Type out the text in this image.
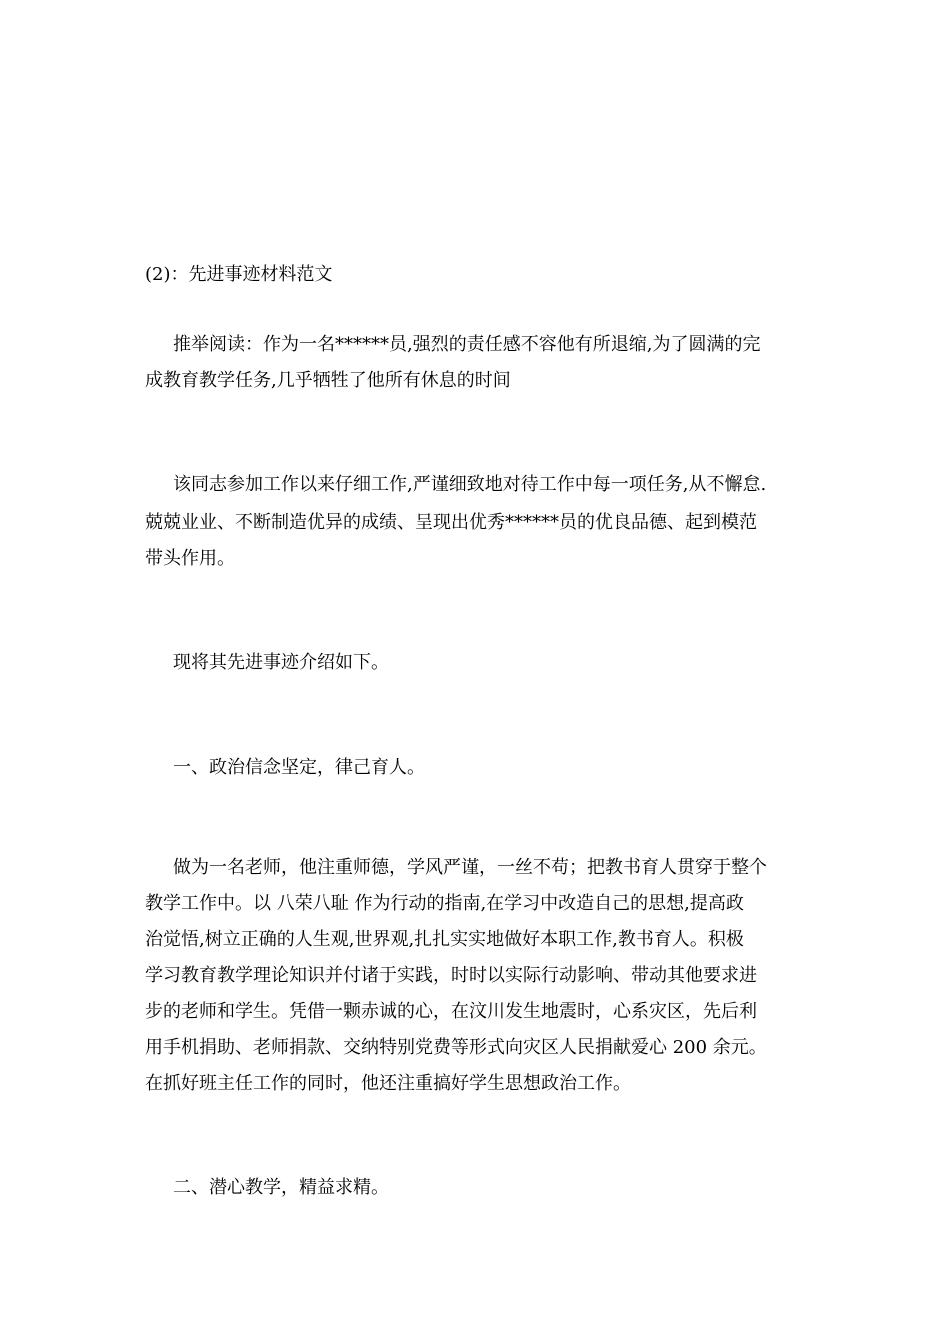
(2)：先进事迹材料范文
推举阅读：作为一名******员,强烈的责任感不容他有所退缩,为了圆满的完
成教育教学任务,几乎牺牲了他所有休息的时间
该同志参加工作以来仔细工作,严谨细致地对待工作中每一项任务,从不懈怠.
兢兢业业、不断制造优异的成绩、呈现出优秀******员的优良品德、起到模范
带头作用。
现将其先进事迹介绍如下。
一、政治信念坚定，律己育人。
做为一名老师，他注重师德，学风严谨，一丝不苟；把教书育人贯穿于整个
教学工作中。以 八荣八耻 作为行动的指南,在学习中改造自己的思想,提高政
治觉悟,树立正确的人生观,世界观,扎扎实实地做好本职工作,教书育人。积极
学习教育教学理论知识并付诸于实践，时时以实际行动影响、带动其他要求进
步的老师和学生。凭借一颗赤诚的心，在汶川发生地震时，心系灾区，先后利
用手机捐助、老师捐款、交纳特别党费等形式向灾区人民捐献爱心 200 余元。
在抓好班主任工作的同时，他还注重搞好学生思想政治工作。
二、潜心教学，精益求精。
